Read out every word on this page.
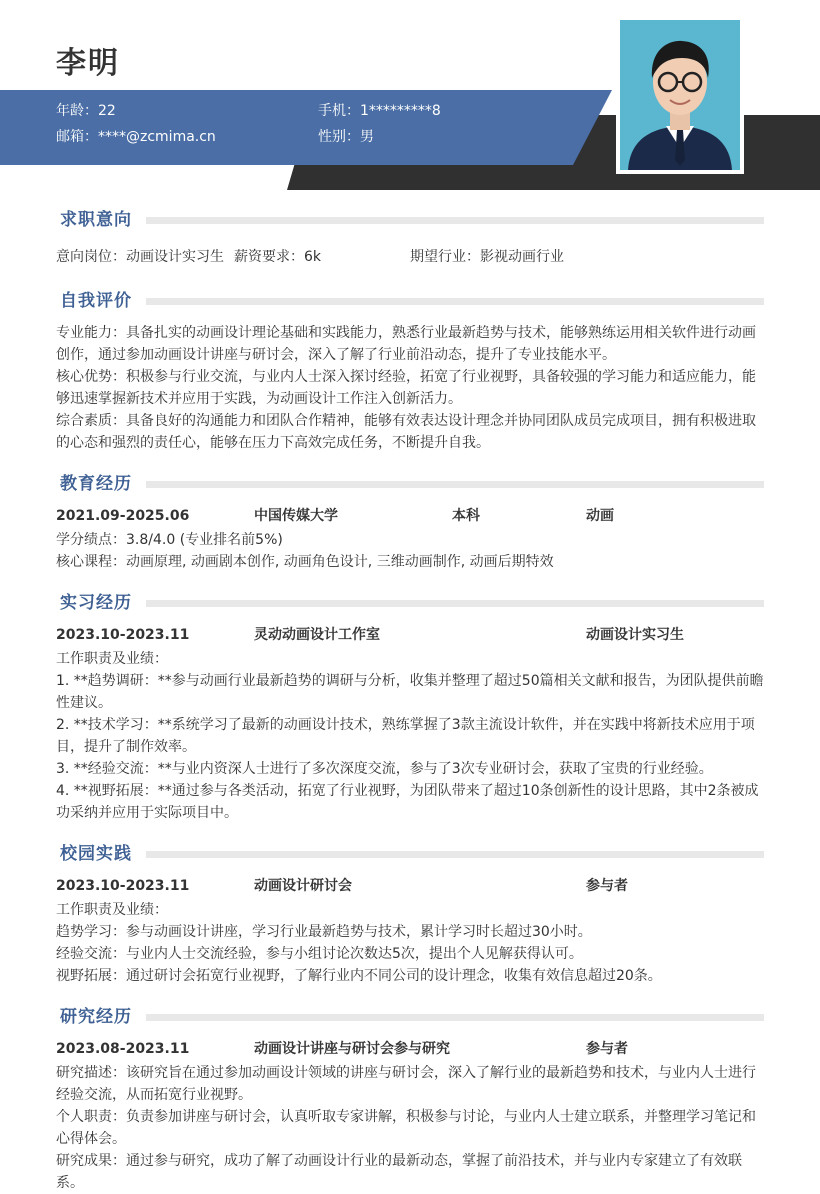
李明
年龄：22	手机：1*********8
邮箱：****@zcmima.cn	性别：男
求职意向
意向岗位：动画设计实习生 薪资要求：6k	期望行业：影视动画行业
自我评价

专业能力：具备扎实的动画设计理论基础和实践能力，熟悉行业最新趋势与技术，能够熟练运用相关软件进行动画创作，通过参加动画设计讲座与研讨会，深入了解了行业前沿动态，提升了专业技能水平。

核心优势：积极参与行业交流，与业内人士深入探讨经验，拓宽了行业视野，具备较强的学习能力和适应能力，能够迅速掌握新技术并应用于实践，为动画设计工作注入创新活力。

综合素质：具备良好的沟通能力和团队合作精神，能够有效表达设计理念并协同团队成员完成项目，拥有积极进取的心态和强烈的责任心，能够在压力下高效完成任务，不断提升自我。

教育经历
2021.09-2025.06	中国传媒大学	本科	动画

学分绩点：3.8/4.0 (专业排名前5%)

核心课程：动画原理, 动画剧本创作, 动画角色设计, 三维动画制作, 动画后期特效

实习经历
2023.10-2023.11	灵动动画设计工作室	动画设计实习生

工作职责及业绩：

1. **趋势调研：**参与动画行业最新趋势的调研与分析，收集并整理了超过50篇相关文献和报告，为团队提供前瞻性建议。

2. **技术学习：**系统学习了最新的动画设计技术，熟练掌握了3款主流设计软件，并在实践中将新技术应用于项目，提升了制作效率。

3. **经验交流：**与业内资深人士进行了多次深度交流，参与了3次专业研讨会，获取了宝贵的行业经验。

4. **视野拓展：**通过参与各类活动，拓宽了行业视野，为团队带来了超过10条创新性的设计思路，其中2条被成功采纳并应用于实际项目中。

校园实践
2023.10-2023.11	动画设计研讨会	参与者

工作职责及业绩：

趋势学习：参与动画设计讲座，学习行业最新趋势与技术，累计学习时长超过30小时。

经验交流：与业内人士交流经验，参与小组讨论次数达5次，提出个人见解获得认可。

视野拓展：通过研讨会拓宽行业视野，了解行业内不同公司的设计理念，收集有效信息超过20条。

研究经历
2023.08-2023.11	动画设计讲座与研讨会参与研究	参与者

研究描述：该研究旨在通过参加动画设计领域的讲座与研讨会，深入了解行业的最新趋势和技术，与业内人士进行经验交流，从而拓宽行业视野。

个人职责：负责参加讲座与研讨会，认真听取专家讲解，积极参与讨论，与业内人士建立联系，并整理学习笔记和心得体会。

研究成果：通过参与研究，成功了解了动画设计行业的最新动态，掌握了前沿技术，并与业内专家建立了有效联系。
